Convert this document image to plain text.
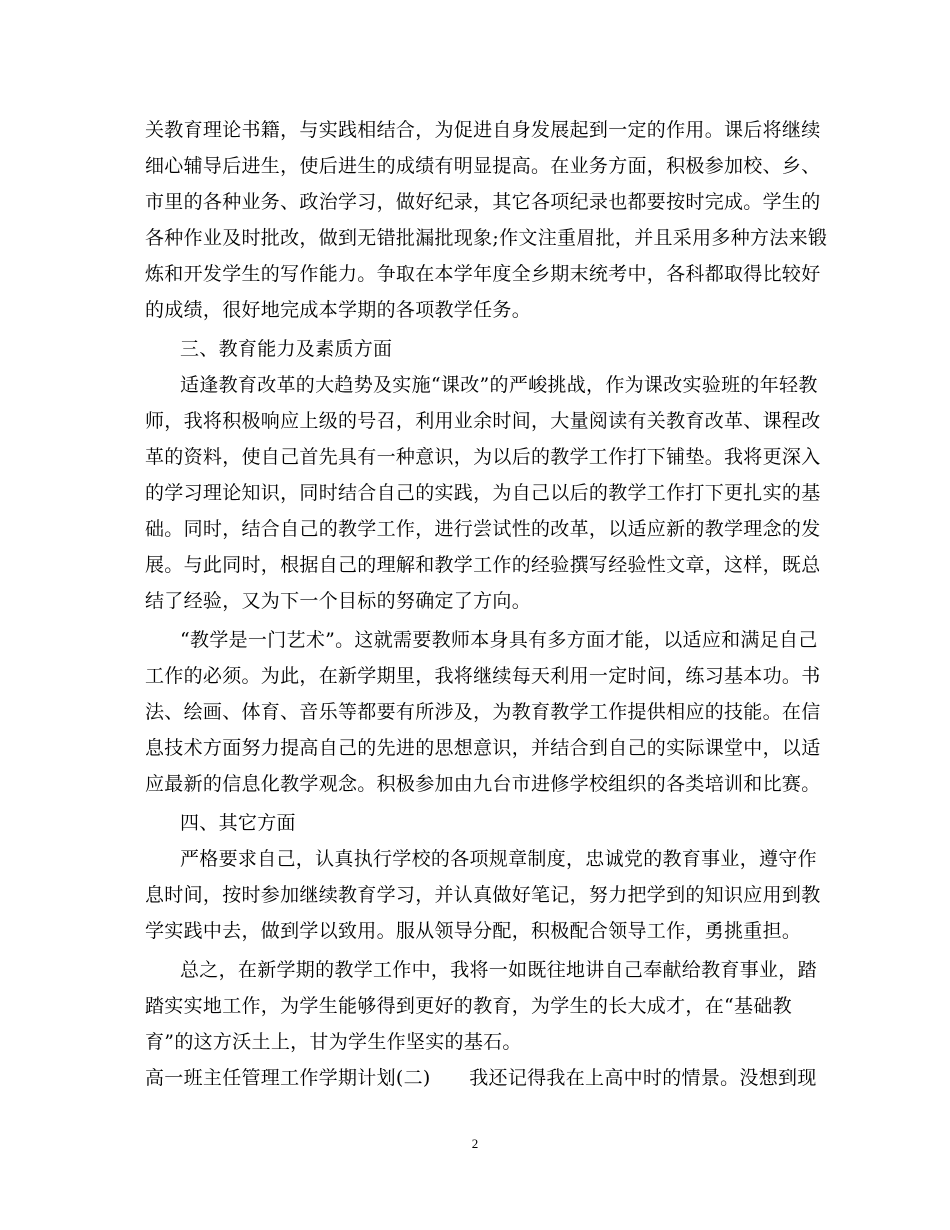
关教育理论书籍，与实践相结合，为促进自身发展起到一定的作用。课后将继续
细心辅导后进生，使后进生的成绩有明显提高。在业务方面，积极参加校、乡、
市里的各种业务、政治学习，做好纪录，其它各项纪录也都要按时完成。学生的
各种作业及时批改，做到无错批漏批现象;作文注重眉批，并且采用多种方法来锻
炼和开发学生的写作能力。争取在本学年度全乡期末统考中，各科都取得比较好
的成绩，很好地完成本学期的各项教学任务。
三、教育能力及素质方面
适逢教育改革的大趋势及实施“课改”的严峻挑战，作为课改实验班的年轻教
师，我将积极响应上级的号召，利用业余时间，大量阅读有关教育改革、课程改
革的资料，使自己首先具有一种意识，为以后的教学工作打下铺垫。我将更深入
的学习理论知识，同时结合自己的实践，为自己以后的教学工作打下更扎实的基
础。同时，结合自己的教学工作，进行尝试性的改革，以适应新的教学理念的发
展。与此同时，根据自己的理解和教学工作的经验撰写经验性文章，这样，既总
结了经验，又为下一个目标的努确定了方向。
“教学是一门艺术”。这就需要教师本身具有多方面才能，以适应和满足自己
工作的必须。为此，在新学期里，我将继续每天利用一定时间，练习基本功。书
法、绘画、体育、音乐等都要有所涉及，为教育教学工作提供相应的技能。在信
息技术方面努力提高自己的先进的思想意识，并结合到自己的实际课堂中，以适
应最新的信息化教学观念。积极参加由九台市进修学校组织的各类培训和比赛。
四、其它方面
严格要求自己，认真执行学校的各项规章制度，忠诚党的教育事业，遵守作
息时间，按时参加继续教育学习，并认真做好笔记，努力把学到的知识应用到教
学实践中去，做到学以致用。服从领导分配，积极配合领导工作，勇挑重担。
总之，在新学期的教学工作中，我将一如既往地讲自己奉献给教育事业，踏
踏实实地工作，为学生能够得到更好的教育，为学生的长大成才，在“基础教
育”的这方沃土上，甘为学生作坚实的基石。
高一班主任管理工作学期计划(二)　　我还记得我在上高中时的情景。没想到现
2
